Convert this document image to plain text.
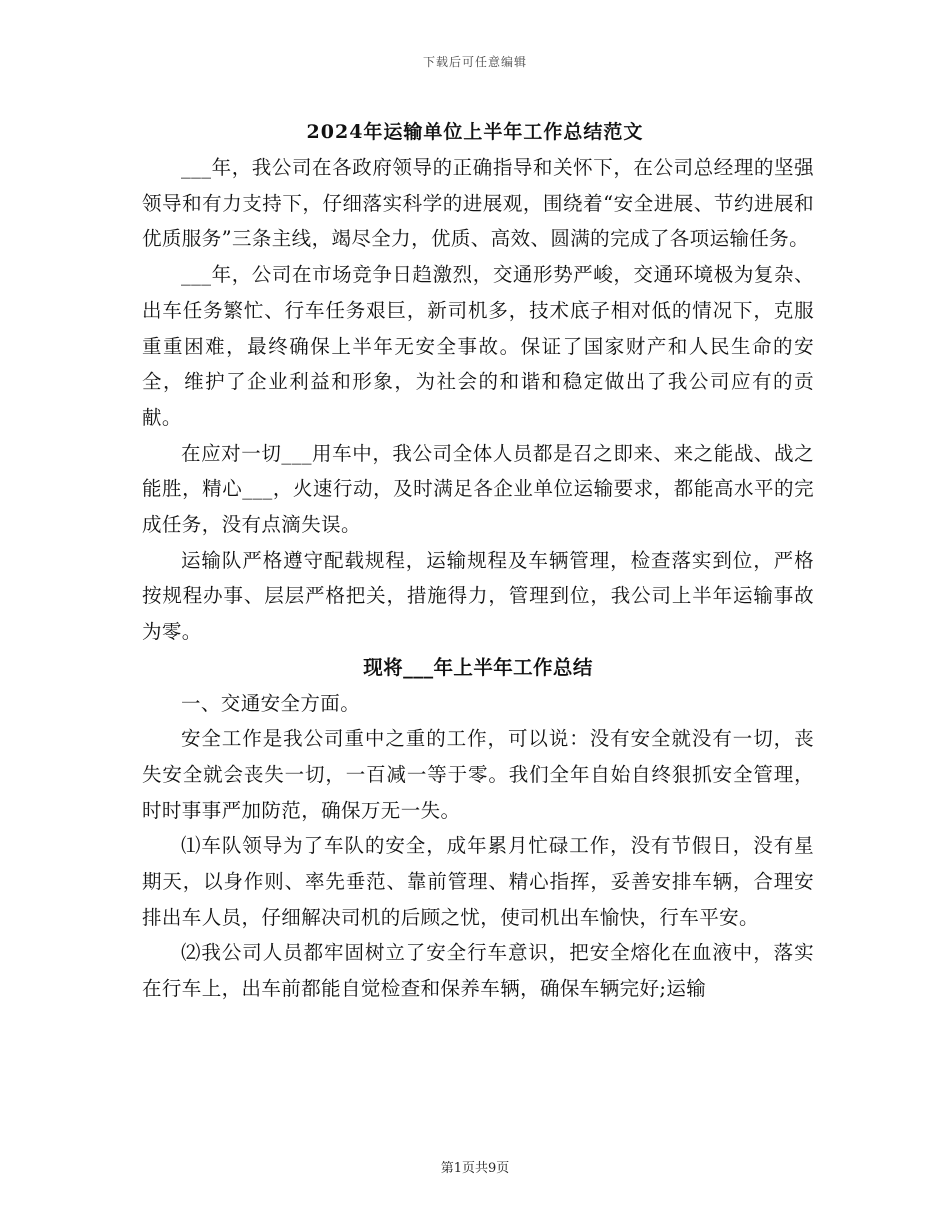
下载后可任意编辑
2024年运输单位上半年工作总结范文

___年，我公司在各政府领导的正确指导和关怀下，在公司总经理的坚强领导和有力支持下，仔细落实科学的进展观，围绕着“安全进展、节约进展和优质服务”三条主线，竭尽全力，优质、高效、圆满的完成了各项运输任务。

___年，公司在市场竞争日趋激烈，交通形势严峻，交通环境极为复杂、出车任务繁忙、行车任务艰巨，新司机多，技术底子相对低的情况下，克服重重困难，最终确保上半年无安全事故。保证了国家财产和人民生命的安全，维护了企业利益和形象，为社会的和谐和稳定做出了我公司应有的贡献。

在应对一切___用车中，我公司全体人员都是召之即来、来之能战、战之能胜，精心___，火速行动，及时满足各企业单位运输要求，都能高水平的完成任务，没有点滴失误。

运输队严格遵守配载规程，运输规程及车辆管理，检查落实到位，严格按规程办事、层层严格把关，措施得力，管理到位，我公司上半年运输事故为零。

现将___年上半年工作总结

一、交通安全方面。

安全工作是我公司重中之重的工作，可以说：没有安全就没有一切，丧失安全就会丧失一切，一百减一等于零。我们全年自始自终狠抓安全管理，时时事事严加防范，确保万无一失。

⑴车队领导为了车队的安全，成年累月忙碌工作，没有节假日，没有星期天，以身作则、率先垂范、靠前管理、精心指挥，妥善安排车辆，合理安排出车人员，仔细解决司机的后顾之忧，使司机出车愉快，行车平安。

⑵我公司人员都牢固树立了安全行车意识，把安全熔化在血液中，落实在行车上，出车前都能自觉检查和保养车辆，确保车辆完好;运输

第1页共9页
